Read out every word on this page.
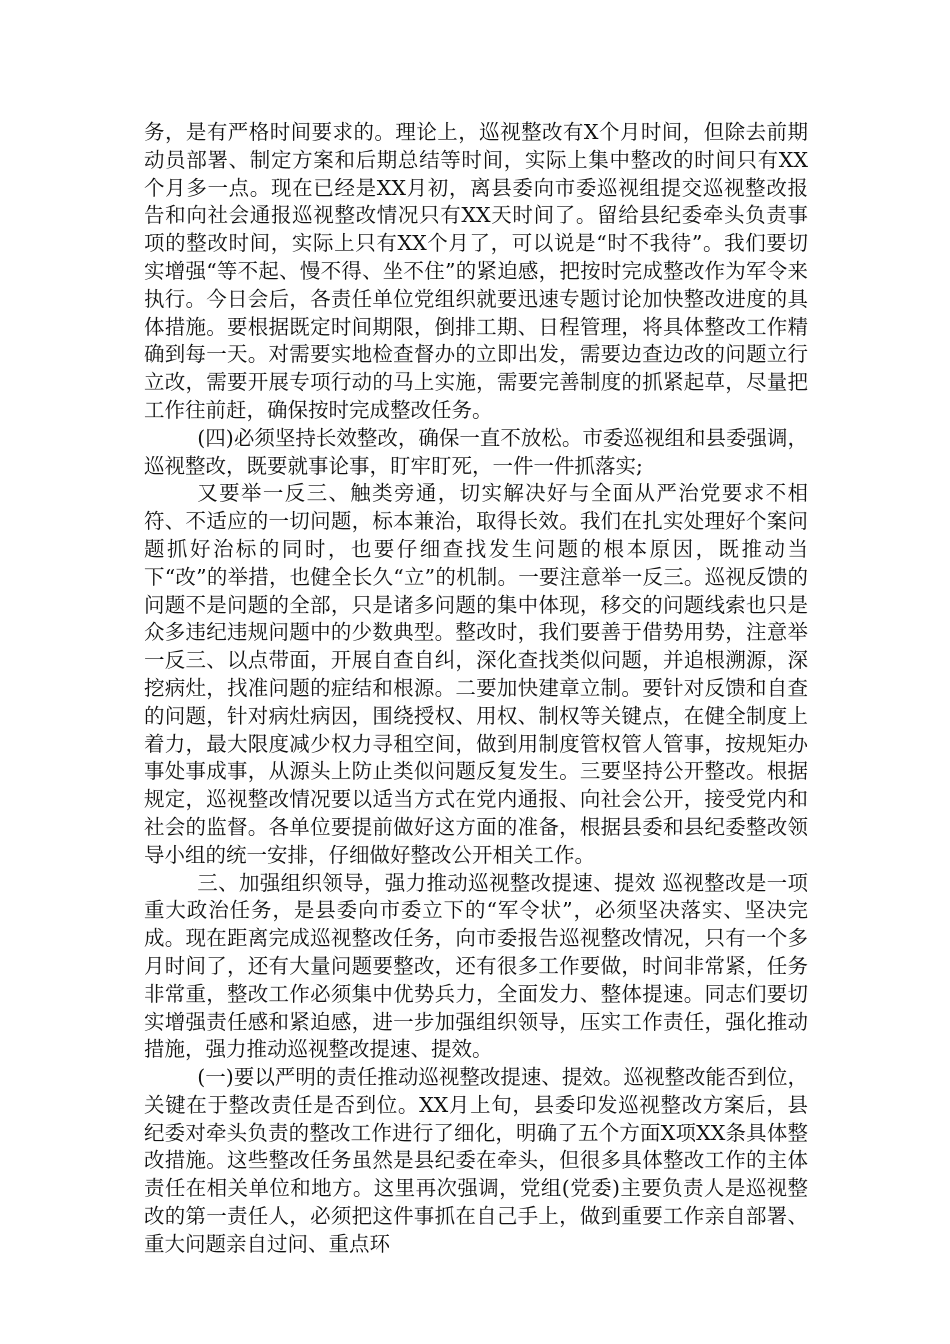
务，是有严格时间要求的。理论上，巡视整改有X个月时间，但除去前期动员部署、制定方案和后期总结等时间，实际上集中整改的时间只有XX个月多一点。现在已经是XX月初，离县委向市委巡视组提交巡视整改报告和向社会通报巡视整改情况只有XX天时间了。留给县纪委牵头负责事项的整改时间，实际上只有XX个月了，可以说是“时不我待”。我们要切实增强“等不起、慢不得、坐不住”的紧迫感，把按时完成整改作为军令来执行。今日会后，各责任单位党组织就要迅速专题讨论加快整改进度的具体措施。要根据既定时间期限，倒排工期、日程管理，将具体整改工作精确到每一天。对需要实地检查督办的立即出发，需要边查边改的问题立行立改，需要开展专项行动的马上实施，需要完善制度的抓紧起草，尽量把工作往前赶，确保按时完成整改任务。

(四)必须坚持长效整改，确保一直不放松。市委巡视组和县委强调，巡视整改，既要就事论事，盯牢盯死，一件一件抓落实;

又要举一反三、触类旁通，切实解决好与全面从严治党要求不相符、不适应的一切问题，标本兼治，取得长效。我们在扎实处理好个案问题抓好治标的同时，也要仔细查找发生问题的根本原因，既推动当下“改”的举措，也健全长久“立”的机制。一要注意举一反三。巡视反馈的问题不是问题的全部，只是诸多问题的集中体现，移交的问题线索也只是众多违纪违规问题中的少数典型。整改时，我们要善于借势用势，注意举一反三、以点带面，开展自查自纠，深化查找类似问题，并追根溯源，深挖病灶，找准问题的症结和根源。二要加快建章立制。要针对反馈和自查的问题，针对病灶病因，围绕授权、用权、制权等关键点，在健全制度上着力，最大限度减少权力寻租空间，做到用制度管权管人管事，按规矩办事处事成事，从源头上防止类似问题反复发生。三要坚持公开整改。根据规定，巡视整改情况要以适当方式在党内通报、向社会公开，接受党内和社会的监督。各单位要提前做好这方面的准备，根据县委和县纪委整改领导小组的统一安排，仔细做好整改公开相关工作。

三、加强组织领导，强力推动巡视整改提速、提效 巡视整改是一项重大政治任务，是县委向市委立下的“军令状”，必须坚决落实、坚决完成。现在距离完成巡视整改任务，向市委报告巡视整改情况，只有一个多月时间了，还有大量问题要整改，还有很多工作要做，时间非常紧，任务非常重，整改工作必须集中优势兵力，全面发力、整体提速。同志们要切实增强责任感和紧迫感，进一步加强组织领导，压实工作责任，强化推动措施，强力推动巡视整改提速、提效。

(一)要以严明的责任推动巡视整改提速、提效。巡视整改能否到位，关键在于整改责任是否到位。XX月上旬，县委印发巡视整改方案后，县纪委对牵头负责的整改工作进行了细化，明确了五个方面X项XX条具体整改措施。这些整改任务虽然是县纪委在牵头，但很多具体整改工作的主体责任在相关单位和地方。这里再次强调，党组(党委)主要负责人是巡视整改的第一责任人，必须把这件事抓在自己手上，做到重要工作亲自部署、重大问题亲自过问、重点环
